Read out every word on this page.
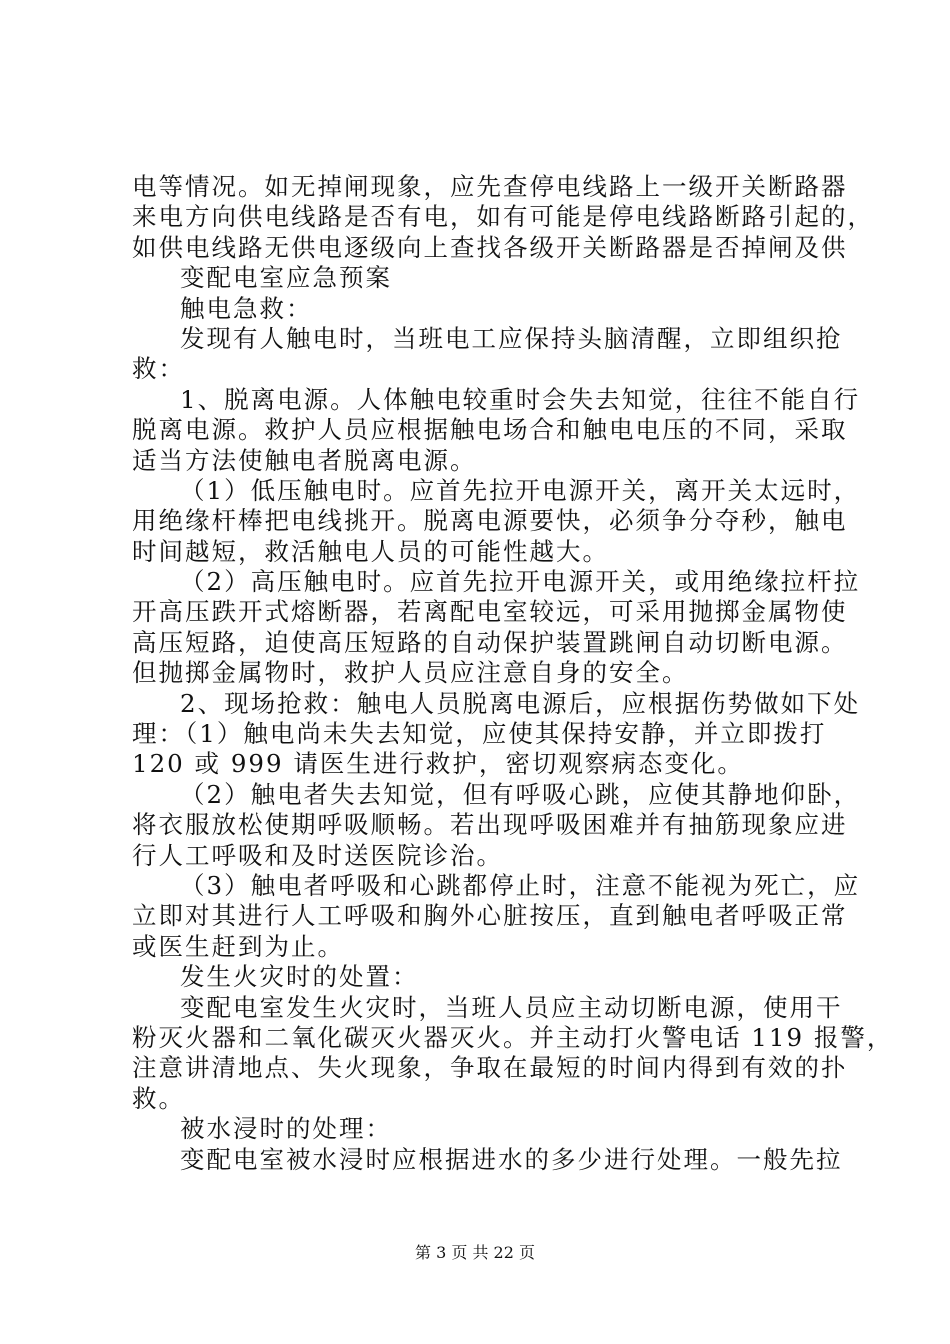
电等情况。如无掉闸现象，应先查停电线路上一级开关断路器
来电方向供电线路是否有电，如有可能是停电线路断路引起的，
如供电线路无供电逐级向上查找各级开关断路器是否掉闸及供
变配电室应急预案
触电急救：
发现有人触电时，当班电工应保持头脑清醒，立即组织抢
救：
1、脱离电源。人体触电较重时会失去知觉，往往不能自行
脱离电源。救护人员应根据触电场合和触电电压的不同，采取
适当方法使触电者脱离电源。
（1）低压触电时。应首先拉开电源开关，离开关太远时，
用绝缘杆棒把电线挑开。脱离电源要快，必须争分夺秒，触电
时间越短，救活触电人员的可能性越大。
（2）高压触电时。应首先拉开电源开关，或用绝缘拉杆拉
开高压跌开式熔断器，若离配电室较远，可采用抛掷金属物使
高压短路，迫使高压短路的自动保护装置跳闸自动切断电源。
但抛掷金属物时，救护人员应注意自身的安全。
2、现场抢救：触电人员脱离电源后，应根据伤势做如下处
理：（1）触电尚未失去知觉，应使其保持安静，并立即拨打
120 或 999 请医生进行救护，密切观察病态变化。
（2）触电者失去知觉，但有呼吸心跳，应使其静地仰卧，
将衣服放松使期呼吸顺畅。若出现呼吸困难并有抽筋现象应进
行人工呼吸和及时送医院诊治。
（3）触电者呼吸和心跳都停止时，注意不能视为死亡，应
立即对其进行人工呼吸和胸外心脏按压，直到触电者呼吸正常
或医生赶到为止。
发生火灾时的处置：
变配电室发生火灾时，当班人员应主动切断电源，使用干
粉灭火器和二氧化碳灭火器灭火。并主动打火警电话 119 报警，
注意讲清地点、失火现象，争取在最短的时间内得到有效的扑
救。
被水浸时的处理：
变配电室被水浸时应根据进水的多少进行处理。一般先拉
第 3 页 共 22 页
